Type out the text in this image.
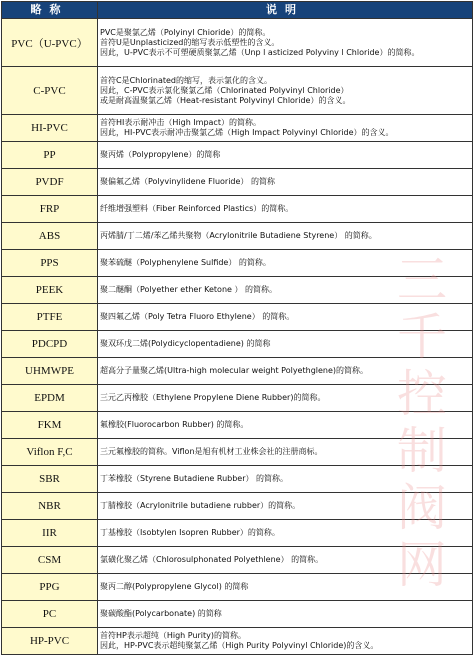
略称	说明
PVC（U-PVC）	PVC是聚氯乙烯（Polyinyl Chioride）的简称。
首符U是Unplasticized的缩写表示低塑性的含义。
因此，U-PVC表示不可塑硬质聚氯乙烯（Unp l asticized Polyviny l Chloride）的简称。

C-PVC	首符C是Chlorinated的缩写，表示氯化的含义。
因此，C-PVC表示氯化聚氯乙烯（Chlorinated Polyvinyl Chloride）
或是耐高温聚氯乙烯（Heat-resistant Polyvinyl Chloride）的含义。

HI-PVC	首符HI表示耐冲击（High Impact）的简称。
因此，HI-PVC表示耐冲击聚氯乙烯（High Impact Polyvinyl Chloride）的含义。

PP	聚丙烯（Polypropylene）的简称

PVDF	聚偏氟乙烯（Polyvinylidene Fluoride） 的简称

FRP	纤维增强塑料（Fiber Reinforced Plastics）的简称。

ABS	丙烯腈/丁二烯/苯乙烯共聚物（Acrylonitrile Butadiene Styrene） 的简称。

PPS	聚苯硫醚（Polyphenylene Sulfide） 的简称。

PEEK	聚二醚酮（Polyether ether Ketone ） 的简称。

PTFE	聚四氟乙烯（Poly Tetra Fluoro Ethylene） 的简称。

PDCPD	聚双环戊二烯(Polydicyclopentadiene) 的简称

UHMWPE	超高分子量聚乙烯(Ultra-high molecular weight Polyethglene)的简称。

EPDM	三元乙丙橡胶（Ethylene Propylene Diene Rubber)的简称。

FKM	氟橡胶(Fluorocarbon Rubber) 的简称。

Viflon F,C	三元氟橡胶的简称。Viflon是旭有机材工业株会社的注册商标。

SBR	丁苯橡胶（Styrene Butadiene Rubber） 的简称。

NBR	丁腈橡胶（Acrylonitrile butadiene rubber）的简称。

IIR	丁基橡胶（Isobtylen Isopren Rubber）的简称。

CSM	氯磺化聚乙烯（Chlorosulphonated Polyethlene） 的简称。

PPG	聚丙二醇(Polypropylene Glycol) 的简称

PC	聚碳酸酯(Polycarbonate) 的简称

HP-PVC	首符HP表示超纯（High Purity)的简称。
因此，HP-PVC表示超纯聚氯乙烯（High Purity Polyvinyl Chloride)的含义。
三
千
控
制
阀
网
